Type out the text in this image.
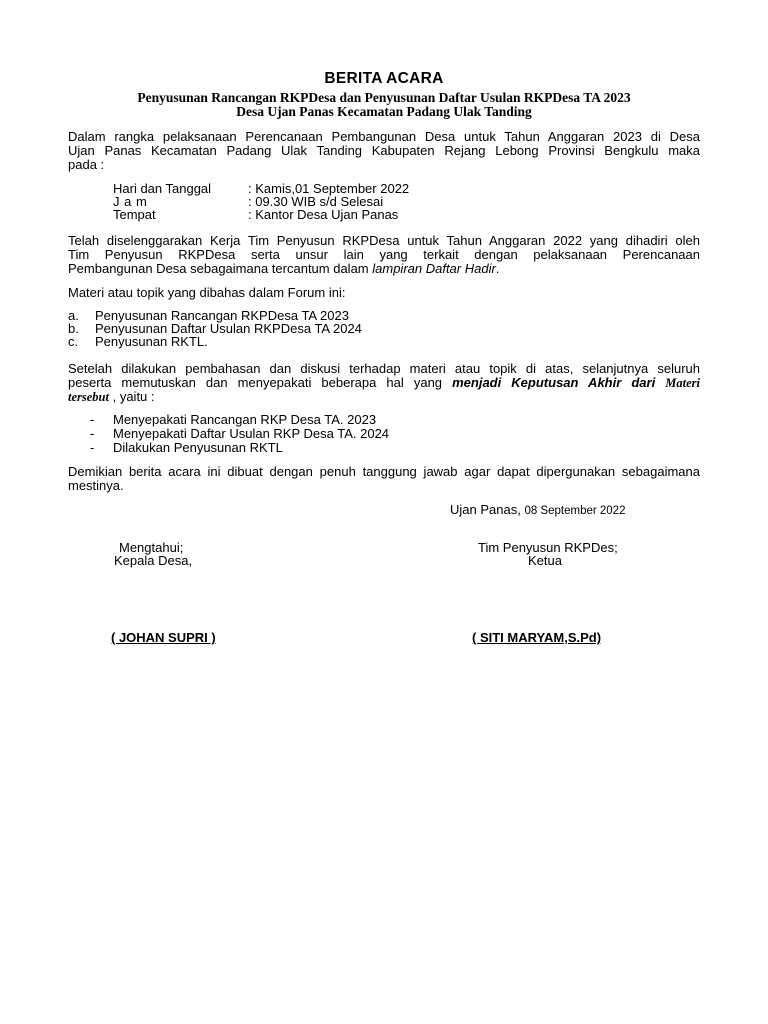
BERITA ACARA
Penyusunan Rancangan RKPDesa dan Penyusunan Daftar Usulan RKPDesa TA 2023
Desa Ujan Panas Kecamatan Padang Ulak Tanding
Dalam rangka pelaksanaan Perencanaan Pembangunan Desa untuk Tahun Anggaran 2023 di Desa
Ujan Panas Kecamatan Padang Ulak Tanding Kabupaten Rejang Lebong Provinsi Bengkulu maka
pada :
Hari dan Tanggal	: Kamis,01 September 2022
J a m	: 09.30 WIB s/d Selesai
Tempat	: Kantor Desa Ujan Panas
Telah diselenggarakan Kerja Tim Penyusun RKPDesa untuk Tahun Anggaran 2022 yang dihadiri oleh
Tim Penyusun RKPDesa serta unsur lain yang terkait dengan pelaksanaan Perencanaan
Pembangunan Desa sebagaimana tercantum dalam lampiran Daftar Hadir.
Materi atau topik yang dibahas dalam Forum ini:
a. Penyusunan Rancangan RKPDesa TA 2023
b. Penyusunan Daftar Usulan RKPDesa TA 2024
c. Penyusunan RKTL.
Setelah dilakukan pembahasan dan diskusi terhadap materi atau topik di atas, selanjutnya seluruh
peserta memutuskan dan menyepakati beberapa hal yang menjadi Keputusan Akhir dari Materi
tersebut , yaitu :
- Menyepakati Rancangan RKP Desa TA. 2023
- Menyepakati Daftar Usulan RKP Desa TA. 2024
- Dilakukan Penyusunan RKTL
Demikian berita acara ini dibuat dengan penuh tanggung jawab agar dapat dipergunakan sebagaimana
mestinya.
Ujan Panas, 08 September 2022
Mengtahui;
Kepala Desa,
( JOHAN SUPRI )
Tim Penyusun RKPDes;
Ketua
( SITI MARYAM,S.Pd)
